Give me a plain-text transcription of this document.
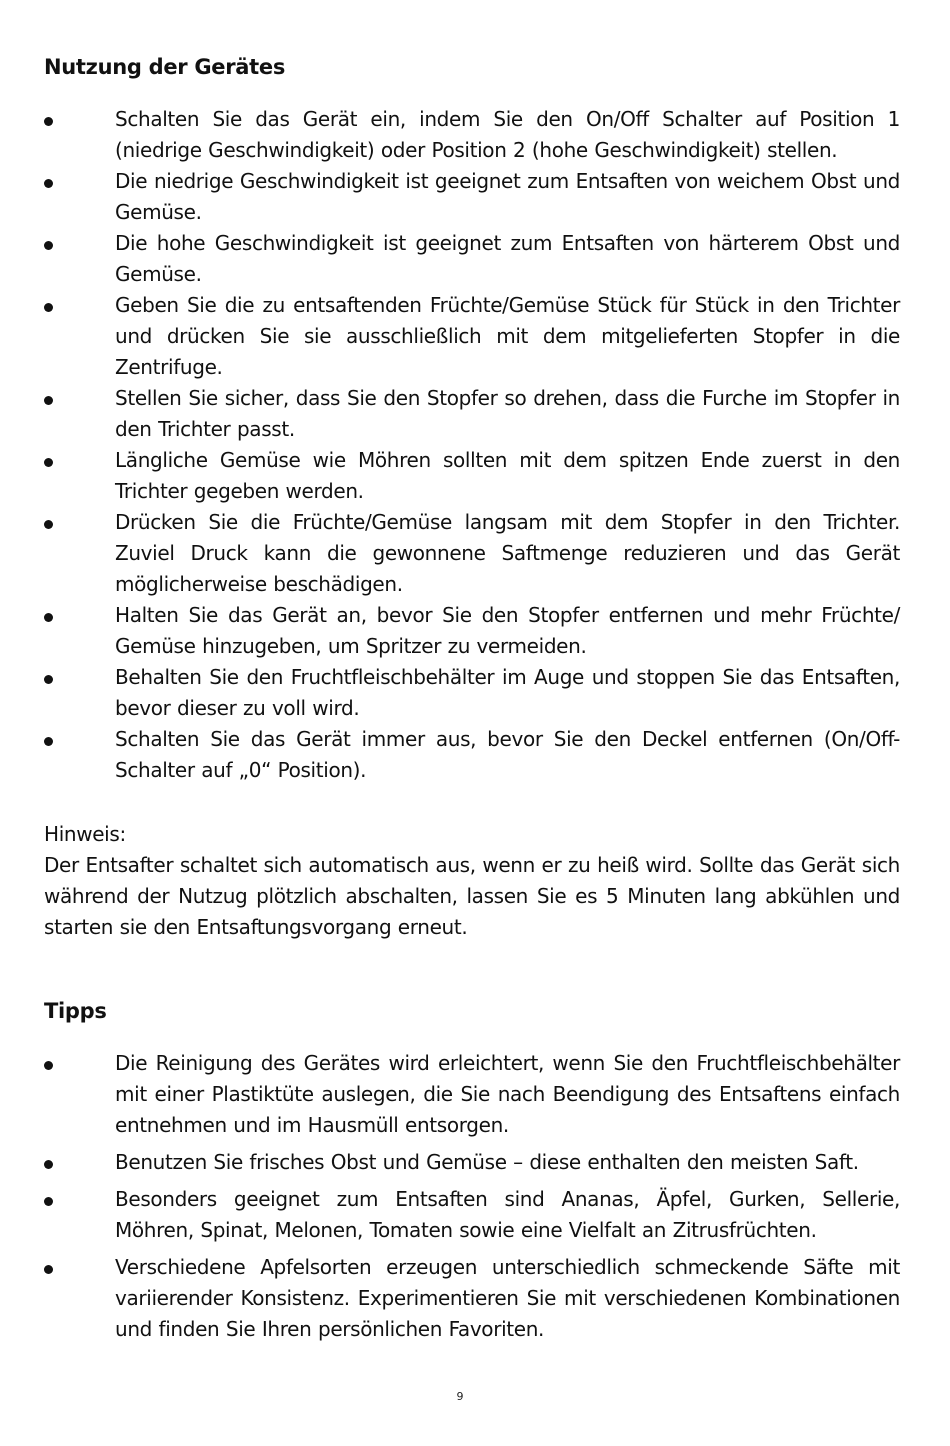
Nutzung der Gerätes
Schalten Sie das Gerät ein, indem Sie den On/Off Schalter auf Position 1 (niedrige Geschwindigkeit) oder Position 2 (hohe Geschwindigkeit) stellen.
Die niedrige Geschwindigkeit ist geeignet zum Entsaften von weichem Obst und Gemüse.
Die hohe Geschwindigkeit ist geeignet zum Entsaften von härterem Obst und Gemüse.
Geben Sie die zu entsaftenden Früchte/Gemüse Stück für Stück in den Trichter und drücken Sie sie ausschließlich mit dem mitgelieferten Stopfer in die Zentrifuge.
Stellen Sie sicher, dass Sie den Stopfer so drehen, dass die Furche im Stopfer in den Trichter passt.
Längliche Gemüse wie Möhren sollten mit dem spitzen Ende zuerst in den Trichter gegeben werden.
Drücken Sie die Früchte/Gemüse langsam mit dem Stopfer in den Trichter. Zuviel Druck kann die gewonnene Saftmenge reduzieren und das Gerät möglicherweise beschädigen.
Halten Sie das Gerät an, bevor Sie den Stopfer entfernen und mehr Früchte/ Gemüse hinzugeben, um Spritzer zu vermeiden.
Behalten Sie den Fruchtfleischbehälter im Auge und stoppen Sie das Entsaften, bevor dieser zu voll wird.
Schalten Sie das Gerät immer aus, bevor Sie den Deckel entfernen (On/Off-Schalter auf „0“ Position).

Hinweis:

Der Entsafter schaltet sich automatisch aus, wenn er zu heiß wird. Sollte das Gerät sich während der Nutzug plötzlich abschalten, lassen Sie es 5 Minuten lang abkühlen und starten sie den Entsaftungsvorgang erneut.

Tipps
Die Reinigung des Gerätes wird erleichtert, wenn Sie den Fruchtfleischbehälter mit einer Plastiktüte auslegen, die Sie nach Beendigung des Entsaftens einfach entnehmen und im Hausmüll entsorgen.
Benutzen Sie frisches Obst und Gemüse – diese enthalten den meisten Saft.
Besonders geeignet zum Entsaften sind Ananas, Äpfel, Gurken, Sellerie, Möhren, Spinat, Melonen, Tomaten sowie eine Vielfalt an Zitrusfrüchten.
Verschiedene Apfelsorten erzeugen unterschiedlich schmeckende Säfte mit variierender Konsistenz. Experimentieren Sie mit verschiedenen Kombinationen und finden Sie Ihren persönlichen Favoriten.
9
